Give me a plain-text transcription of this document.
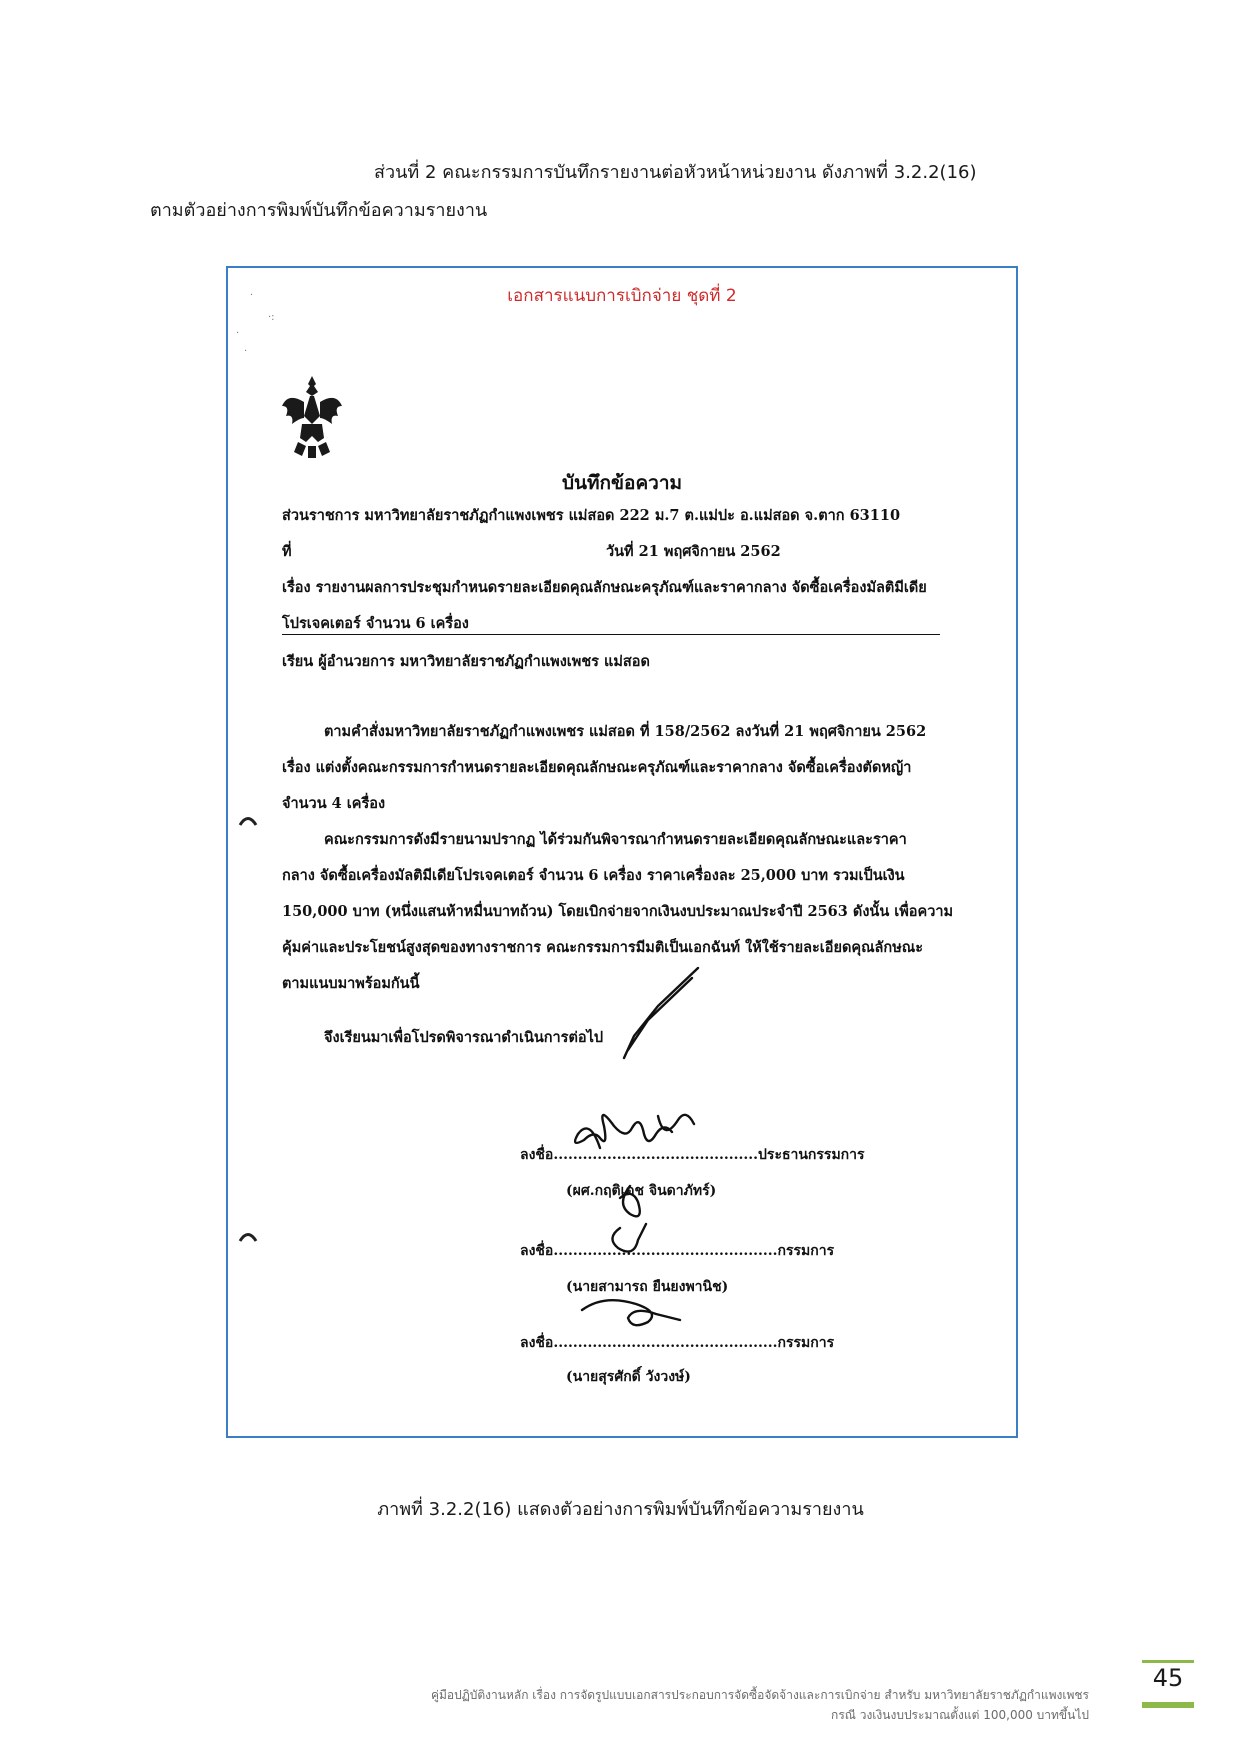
ส่วนที่ 2 คณะกรรมการบันทึกรายงานต่อหัวหน้าหน่วยงาน ดังภาพที่ 3.2.2(16)
ตามตัวอย่างการพิมพ์บันทึกข้อความรายงาน
เอกสารแนบการเบิกจ่าย ชุดที่ 2
·
·:
·
·
บันทึกข้อความ
ส่วนราชการ มหาวิทยาลัยราชภัฏกำแพงเพชร แม่สอด 222 ม.7 ต.แม่ปะ อ.แม่สอด จ.ตาก 63110
ที่	วันที่ 21 พฤศจิกายน 2562
เรื่อง รายงานผลการประชุมกำหนดรายละเอียดคุณลักษณะครุภัณฑ์และราคากลาง จัดซื้อเครื่องมัลติมีเดีย
โปรเจคเตอร์ จำนวน 6 เครื่อง
เรียน ผู้อำนวยการ มหาวิทยาลัยราชภัฏกำแพงเพชร แม่สอด
ตามคำสั่งมหาวิทยาลัยราชภัฏกำแพงเพชร แม่สอด ที่ 158/2562 ลงวันที่ 21 พฤศจิกายน 2562
เรื่อง แต่งตั้งคณะกรรมการกำหนดรายละเอียดคุณลักษณะครุภัณฑ์และราคากลาง จัดซื้อเครื่องตัดหญ้า
จำนวน 4 เครื่อง
คณะกรรมการดังมีรายนามปรากฏ ได้ร่วมกันพิจารณากำหนดรายละเอียดคุณลักษณะและราคา
กลาง จัดซื้อเครื่องมัลติมีเดียโปรเจคเตอร์ จำนวน 6 เครื่อง ราคาเครื่องละ 25,000 บาท รวมเป็นเงิน
150,000 บาท (หนึ่งแสนห้าหมื่นบาทถ้วน) โดยเบิกจ่ายจากเงินงบประมาณประจำปี 2563 ดังนั้น เพื่อความ
คุ้มค่าและประโยชน์สูงสุดของทางราชการ คณะกรรมการมีมติเป็นเอกฉันท์ ให้ใช้รายละเอียดคุณลักษณะ
ตามแนบมาพร้อมกันนี้
จึงเรียนมาเพื่อโปรดพิจารณาดำเนินการต่อไป
ลงชื่อ..........................................ประธานกรรมการ
(ผศ.กฤติเดช จินดาภัทร์)
ลงชื่อ..............................................กรรมการ
(นายสามารถ ยืนยงพานิช)
ลงชื่อ..............................................กรรมการ
(นายสุรศักดิ์ วังวงษ์)
ภาพที่ 3.2.2(16) แสดงตัวอย่างการพิมพ์บันทึกข้อความรายงาน
คู่มือปฏิบัติงานหลัก เรื่อง การจัดรูปแบบเอกสารประกอบการจัดซื้อจัดจ้างและการเบิกจ่าย สำหรับ มหาวิทยาลัยราชภัฏกำแพงเพชร
กรณี วงเงินงบประมาณตั้งแต่ 100,000 บาทขึ้นไป
45
